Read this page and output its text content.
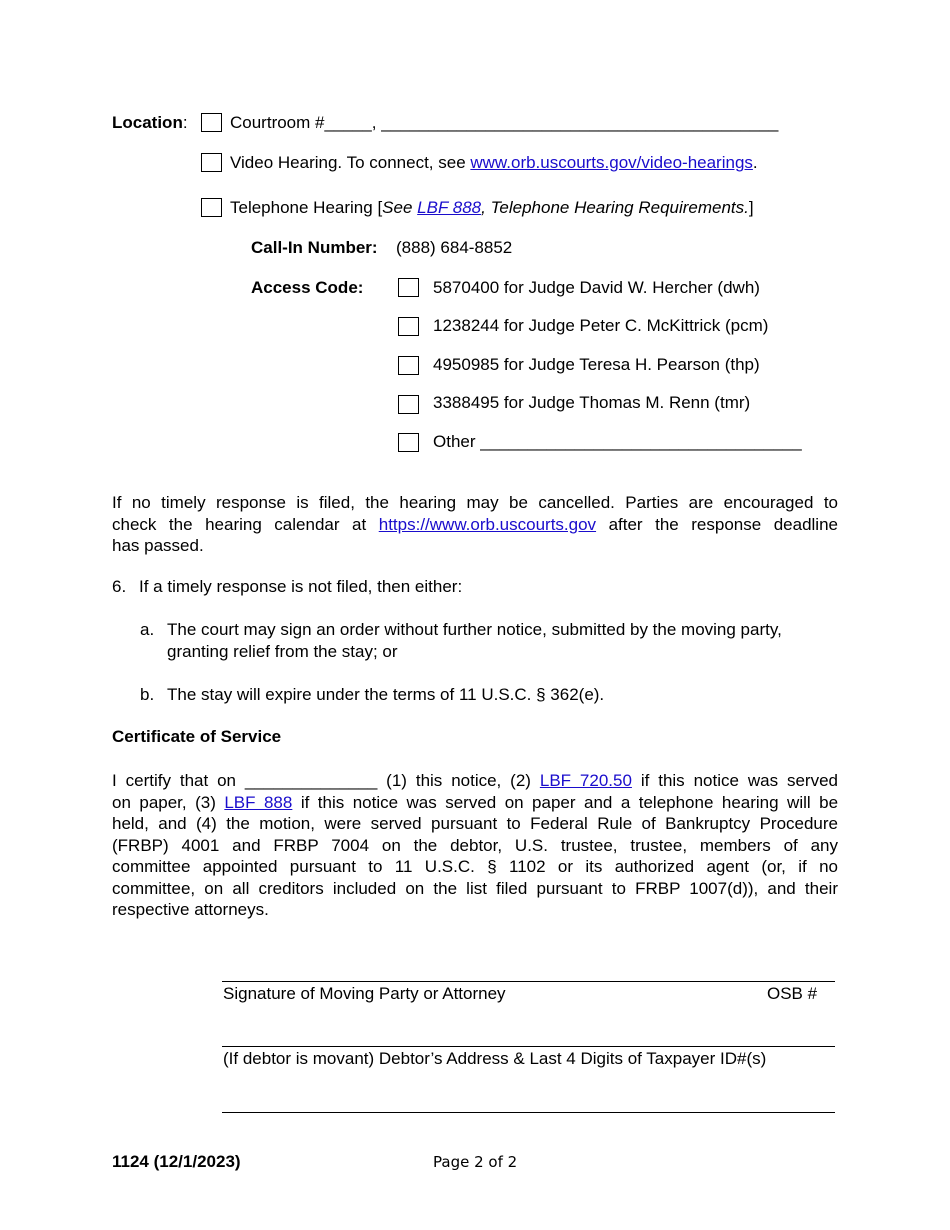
Location: Courtroom #_____, __________________________________________
Video Hearing. To connect, see www.orb.uscourts.gov/video-hearings.
Telephone Hearing [See LBF 888, Telephone Hearing Requirements.]
Call-In Number: (888) 684-8852
Access Code:	5870400 for Judge David W. Hercher (dwh)
1238244 for Judge Peter C. McKittrick (pcm)
4950985 for Judge Teresa H. Pearson (thp)
3388495 for Judge Thomas M. Renn (tmr)
Other __________________________________
If no timely response is filed, the hearing may be cancelled. Parties are encouraged to
check the hearing calendar at https://www.orb.uscourts.gov after the response deadline
has passed.
6. If a timely response is not filed, then either:
a. The court may sign an order without further notice, submitted by the moving party,
granting relief from the stay; or
b. The stay will expire under the terms of 11 U.S.C. § 362(e).
Certificate of Service
I certify that on ______________ (1) this notice, (2) LBF 720.50 if this notice was served
on paper, (3) LBF 888 if this notice was served on paper and a telephone hearing will be
held, and (4) the motion, were served pursuant to Federal Rule of Bankruptcy Procedure
(FRBP) 4001 and FRBP 7004 on the debtor, U.S. trustee, trustee, members of any
committee appointed pursuant to 11 U.S.C. § 1102 or its authorized agent (or, if no
committee, on all creditors included on the list filed pursuant to FRBP 1007(d)), and their
respective attorneys.
Signature of Moving Party or Attorney	OSB #
(If debtor is movant) Debtor’s Address & Last 4 Digits of Taxpayer ID#(s)
1124 (12/1/2023)	Page 2 of 2
